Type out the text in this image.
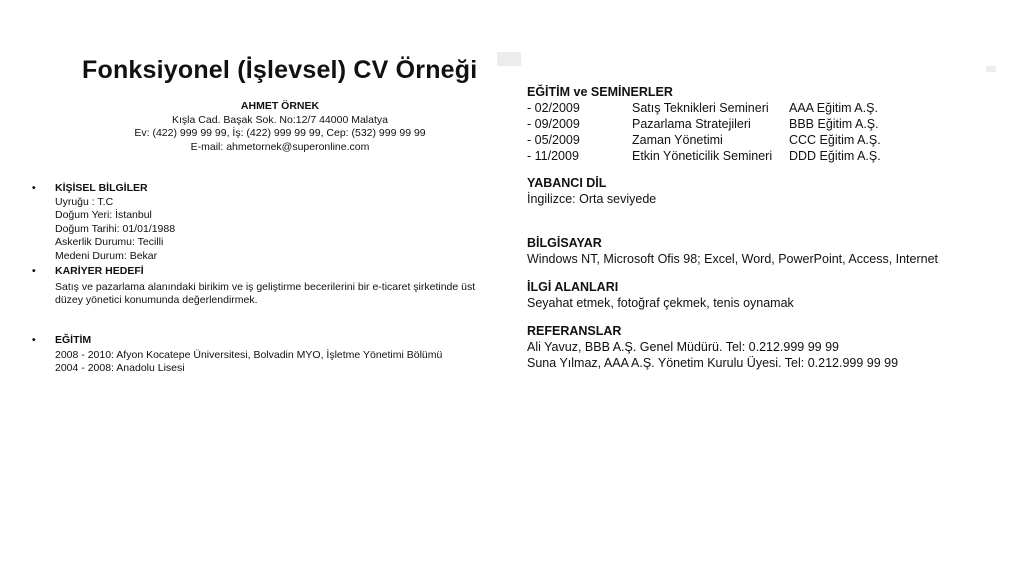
Fonksiyonel (İşlevsel) CV Örneği
AHMET ÖRNEK
Kışla Cad. Başak Sok. No:12/7 44000 Malatya
Ev: (422) 999 99 99, İş: (422) 999 99 99, Cep: (532) 999 99 99
E-mail: ahmetornek@superonline.com
• KİŞİSEL BİLGİLER
Uyruğu : T.C
Doğum Yeri: İstanbul
Doğum Tarihi: 01/01/1988
Askerlik Durumu: Tecilli
Medeni Durum: Bekar
• KARİYER HEDEFİ
Satış ve pazarlama alanındaki birikim ve iş geliştirme becerilerini bir e-ticaret şirketinde üst
düzey yönetici konumunda değerlendirmek.
• EĞİTİM
2008 - 2010: Afyon Kocatepe Üniversitesi, Bolvadin MYO, İşletme Yönetimi Bölümü
2004 - 2008: Anadolu Lisesi
EĞİTİM ve SEMİNERLER
- 02/2009	Satış Teknikleri Semineri	AAA Eğitim A.Ş.
- 09/2009	Pazarlama Stratejileri	BBB Eğitim A.Ş.
- 05/2009	Zaman Yönetimi	CCC Eğitim A.Ş.
- 11/2009	Etkin Yöneticilik Semineri	DDD Eğitim A.Ş.
YABANCI DİL
İngilizce: Orta seviyede
BİLGİSAYAR
Windows NT, Microsoft Ofis 98; Excel, Word, PowerPoint, Access, Internet
İLGİ ALANLARI
Seyahat etmek, fotoğraf çekmek, tenis oynamak
REFERANSLAR
Ali Yavuz, BBB A.Ş. Genel Müdürü. Tel: 0.212.999 99 99
Suna Yılmaz, AAA A.Ş. Yönetim Kurulu Üyesi. Tel: 0.212.999 99 99
